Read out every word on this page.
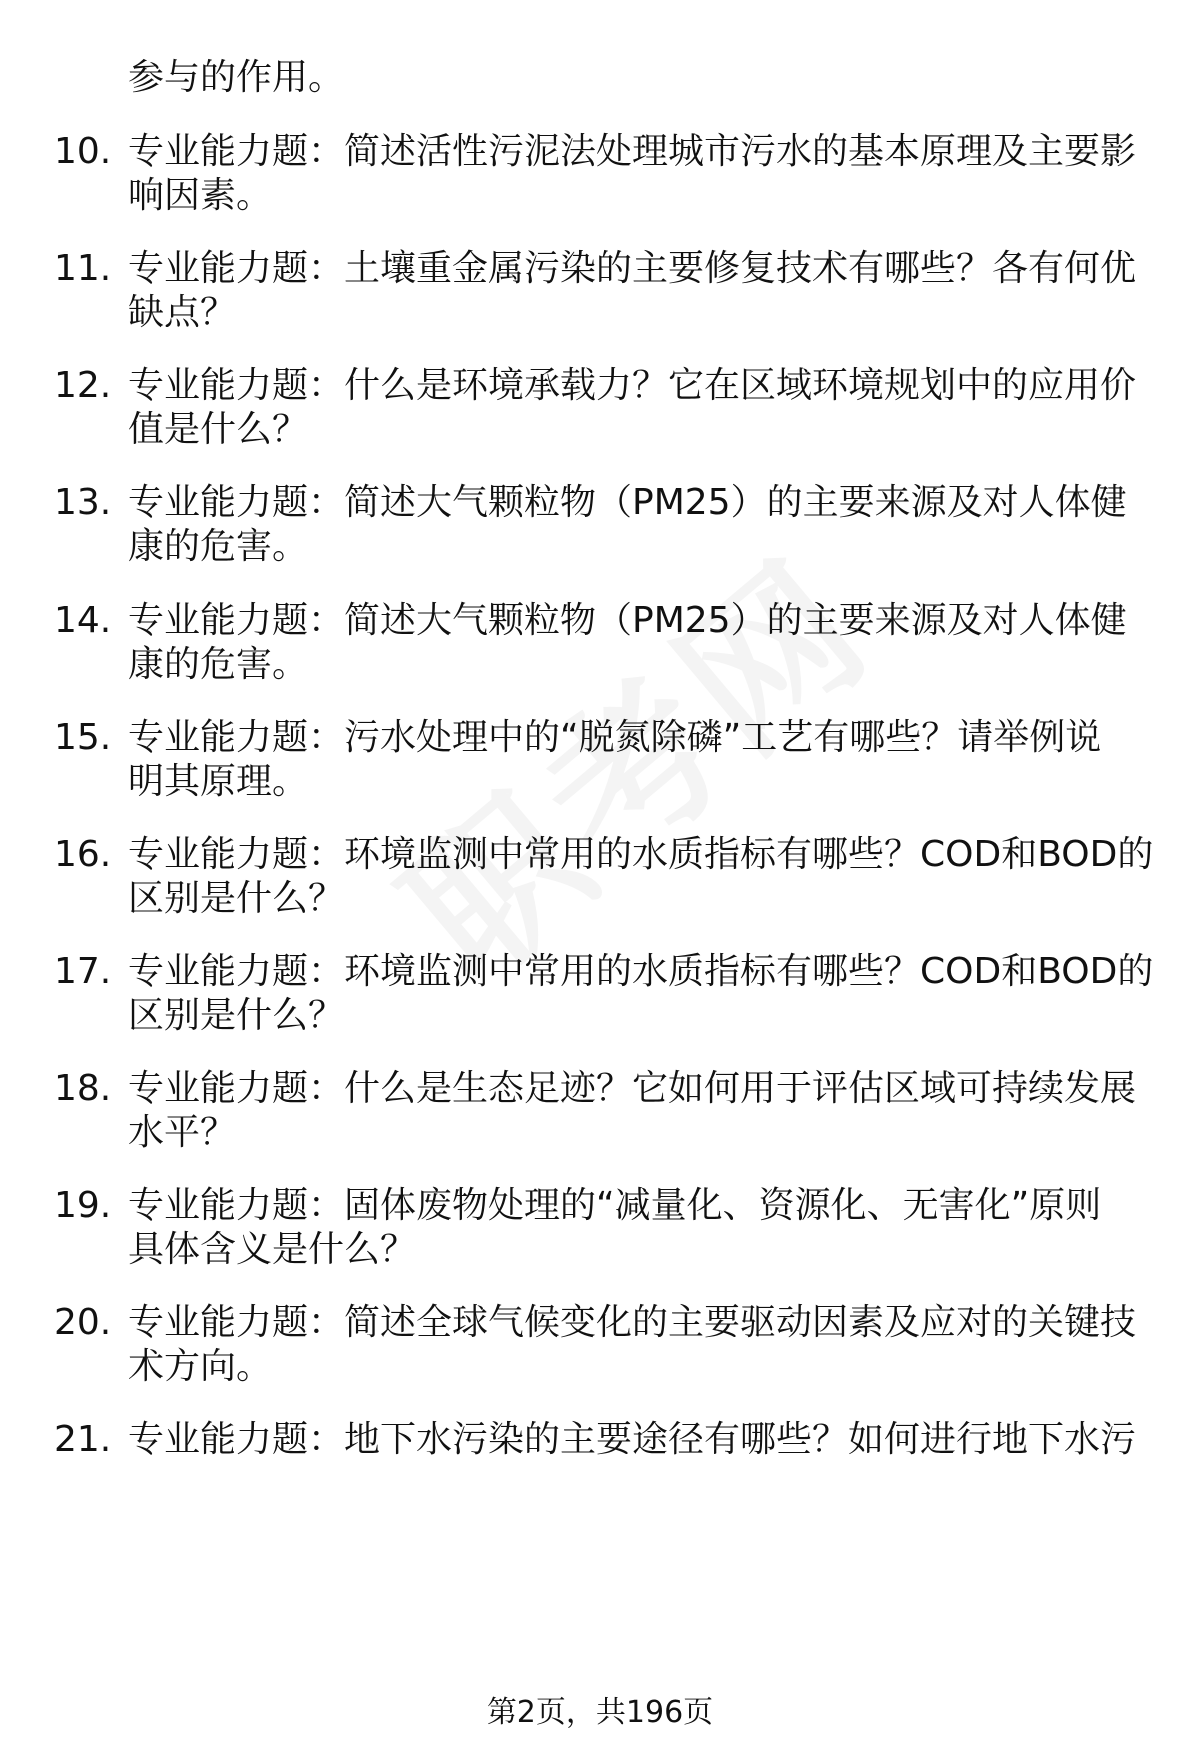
参与的作用。
10. 专业能力题：简述活性污泥法处理城市污水的基本原理及主要影
响因素。
11. 专业能力题：土壤重金属污染的主要修复技术有哪些？各有何优
缺点？
12. 专业能力题：什么是环境承载力？它在区域环境规划中的应用价
值是什么？
13. 专业能力题：简述大气颗粒物（PM25）的主要来源及对人体健
康的危害。
14. 专业能力题：简述大气颗粒物（PM25）的主要来源及对人体健
康的危害。
15. 专业能力题：污水处理中的“脱氮除磷”工艺有哪些？请举例说
明其原理。
16. 专业能力题：环境监测中常用的水质指标有哪些？COD和BOD的
区别是什么？
17. 专业能力题：环境监测中常用的水质指标有哪些？COD和BOD的
区别是什么？
18. 专业能力题：什么是生态足迹？它如何用于评估区域可持续发展
水平？
19. 专业能力题：固体废物处理的“减量化、资源化、无害化”原则
具体含义是什么？
20. 专业能力题：简述全球气候变化的主要驱动因素及应对的关键技
术方向。
21. 专业能力题：地下水污染的主要途径有哪些？如何进行地下水污
第2页，共196页
